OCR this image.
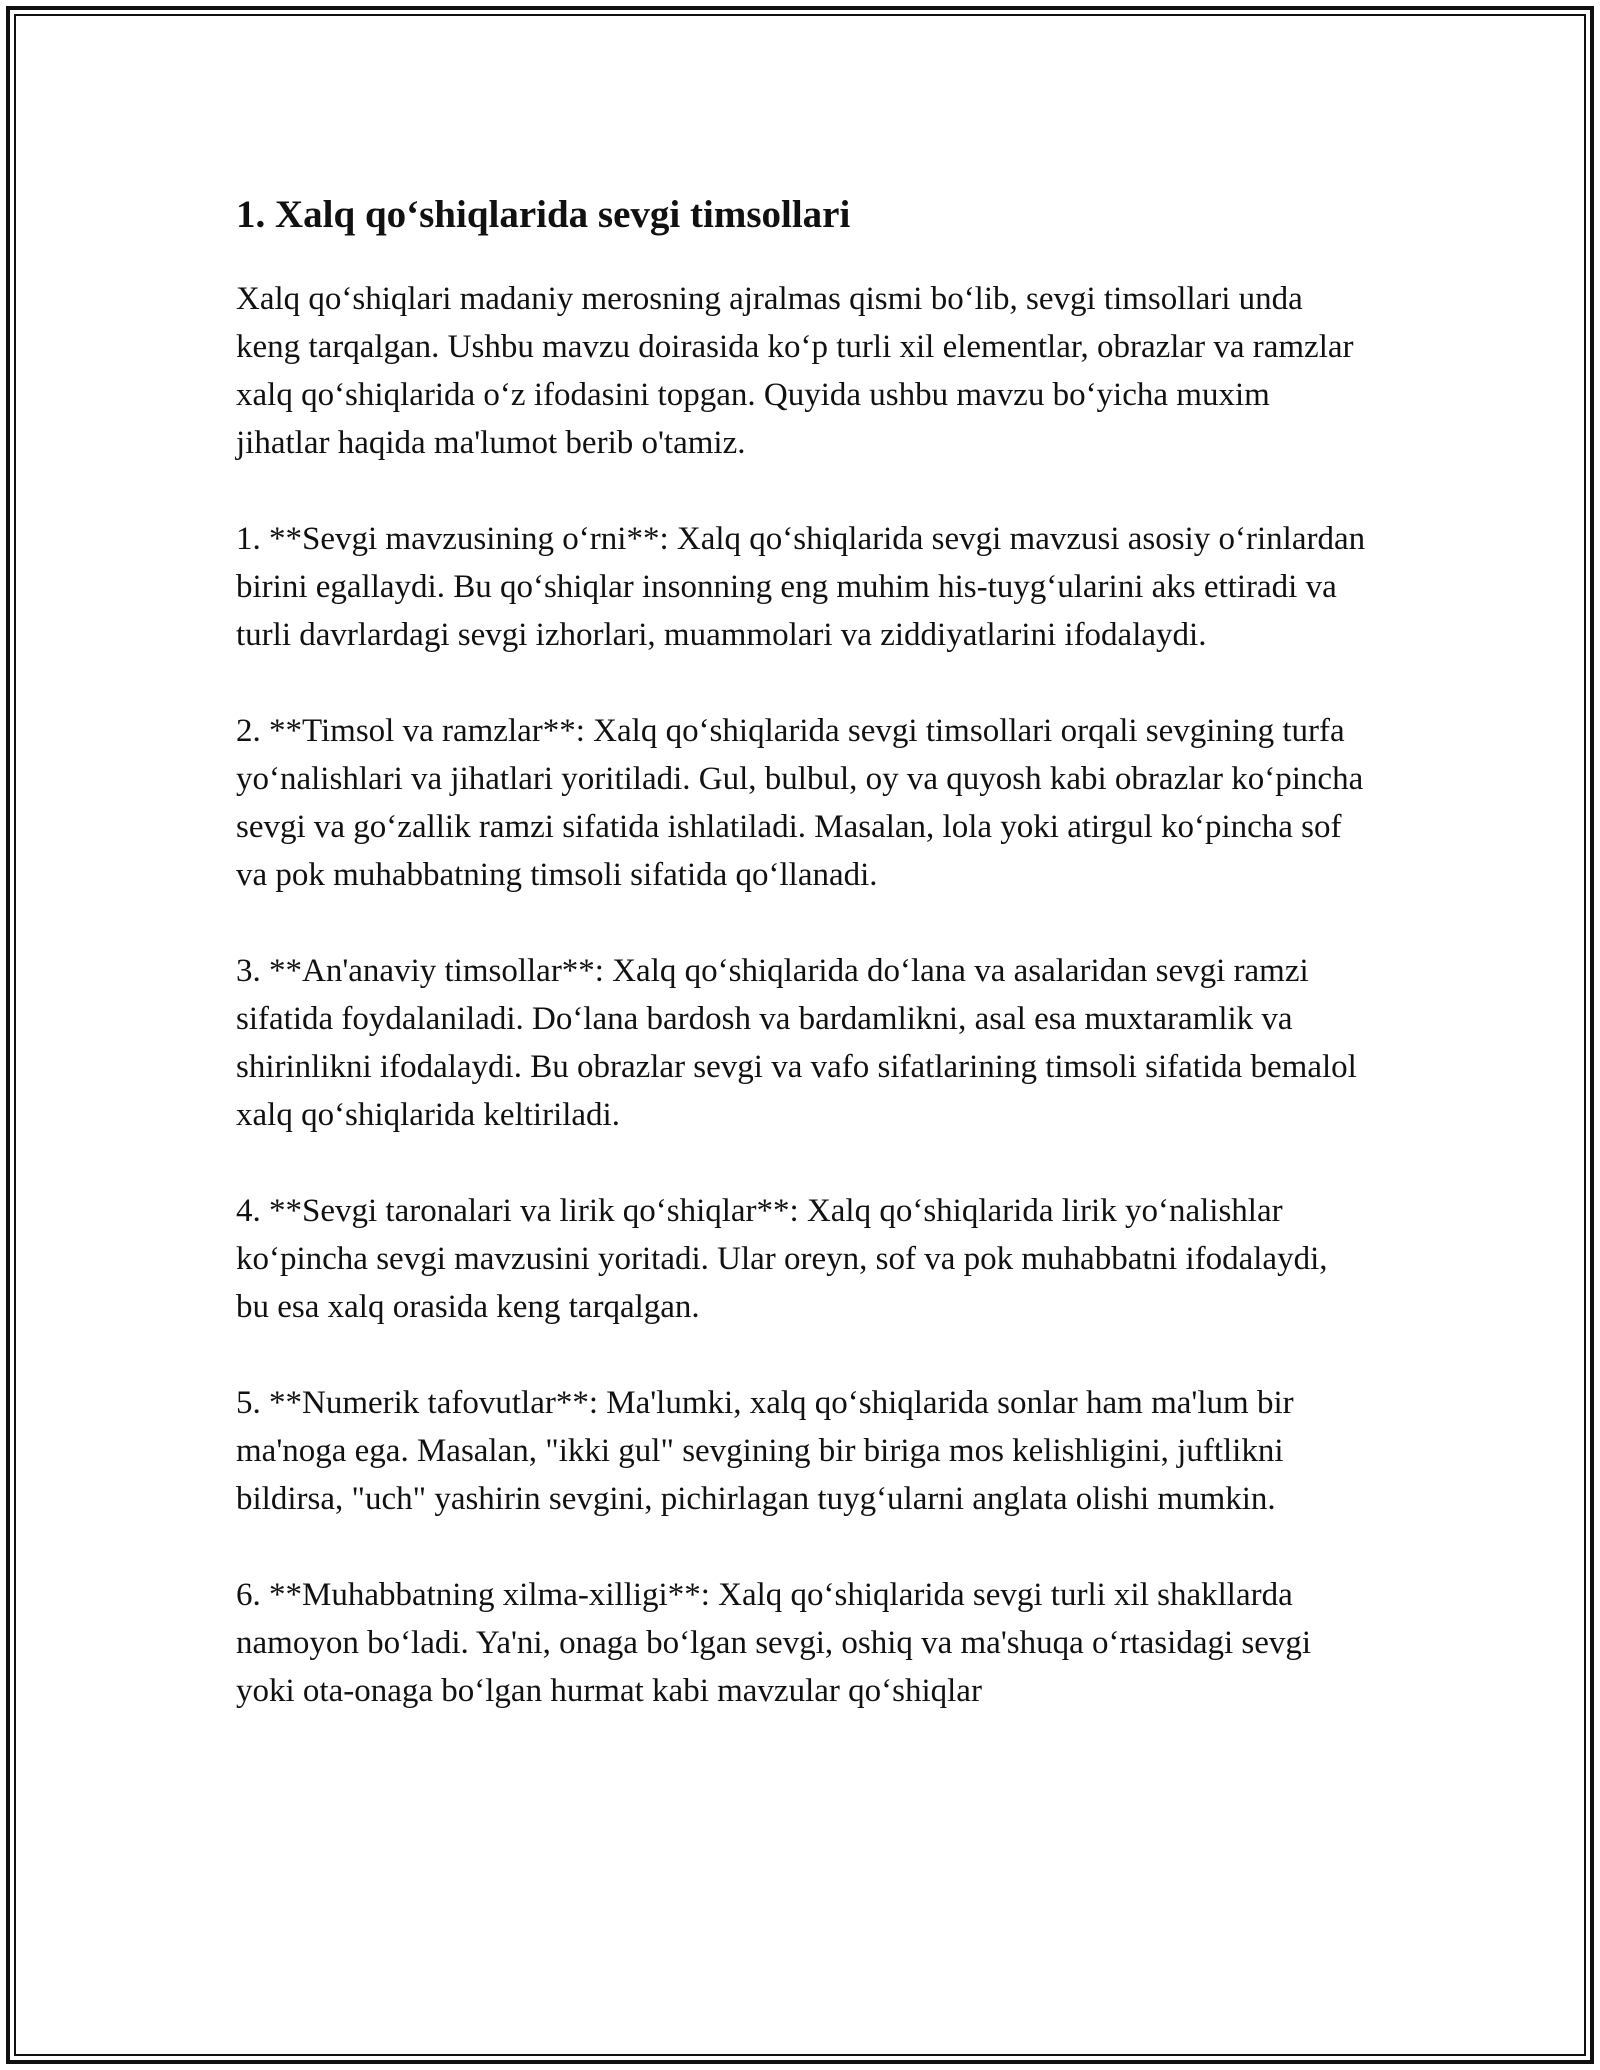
1. Xalq qo‘shiqlarida sevgi timsollari

Xalq qo‘shiqlari madaniy merosning ajralmas qismi bo‘lib, sevgi timsollari unda keng tarqalgan. Ushbu mavzu doirasida ko‘p turli xil elementlar, obrazlar va ramzlar xalq qo‘shiqlarida o‘z ifodasini topgan. Quyida ushbu mavzu bo‘yicha muxim jihatlar haqida ma'lumot berib o'tamiz.

1. **Sevgi mavzusining o‘rni**: Xalq qo‘shiqlarida sevgi mavzusi asosiy o‘rinlardan birini egallaydi. Bu qo‘shiqlar insonning eng muhim his-tuyg‘ularini aks ettiradi va turli davrlardagi sevgi izhorlari, muammolari va ziddiyatlarini ifodalaydi.

2. **Timsol va ramzlar**: Xalq qo‘shiqlarida sevgi timsollari orqali sevgining turfa yo‘nalishlari va jihatlari yoritiladi. Gul, bulbul, oy va quyosh kabi obrazlar ko‘pincha sevgi va go‘zallik ramzi sifatida ishlatiladi. Masalan, lola yoki atirgul ko‘pincha sof va pok muhabbatning timsoli sifatida qo‘llanadi.

3. **An'anaviy timsollar**: Xalq qo‘shiqlarida do‘lana va asalaridan sevgi ramzi sifatida foydalaniladi. Do‘lana bardosh va bardamlikni, asal esa muxtaramlik va shirinlikni ifodalaydi. Bu obrazlar sevgi va vafo sifatlarining timsoli sifatida bemalol xalq qo‘shiqlarida keltiriladi.

4. **Sevgi taronalari va lirik qo‘shiqlar**: Xalq qo‘shiqlarida lirik yo‘nalishlar ko‘pincha sevgi mavzusini yoritadi. Ular oreyn, sof va pok muhabbatni ifodalaydi, bu esa xalq orasida keng tarqalgan.

5. **Numerik tafovutlar**: Ma'lumki, xalq qo‘shiqlarida sonlar ham ma'lum bir ma'noga ega. Masalan, "ikki gul" sevgining bir biriga mos kelishligini, juftlikni bildirsa, "uch" yashirin sevgini, pichirlagan tuyg‘ularni anglata olishi mumkin.

6. **Muhabbatning xilma-xilligi**: Xalq qo‘shiqlarida sevgi turli xil shakllarda namoyon bo‘ladi. Ya'ni, onaga bo‘lgan sevgi, oshiq va ma'shuqa o‘rtasidagi sevgi yoki ota-onaga bo‘lgan hurmat kabi mavzular qo‘shiqlar
